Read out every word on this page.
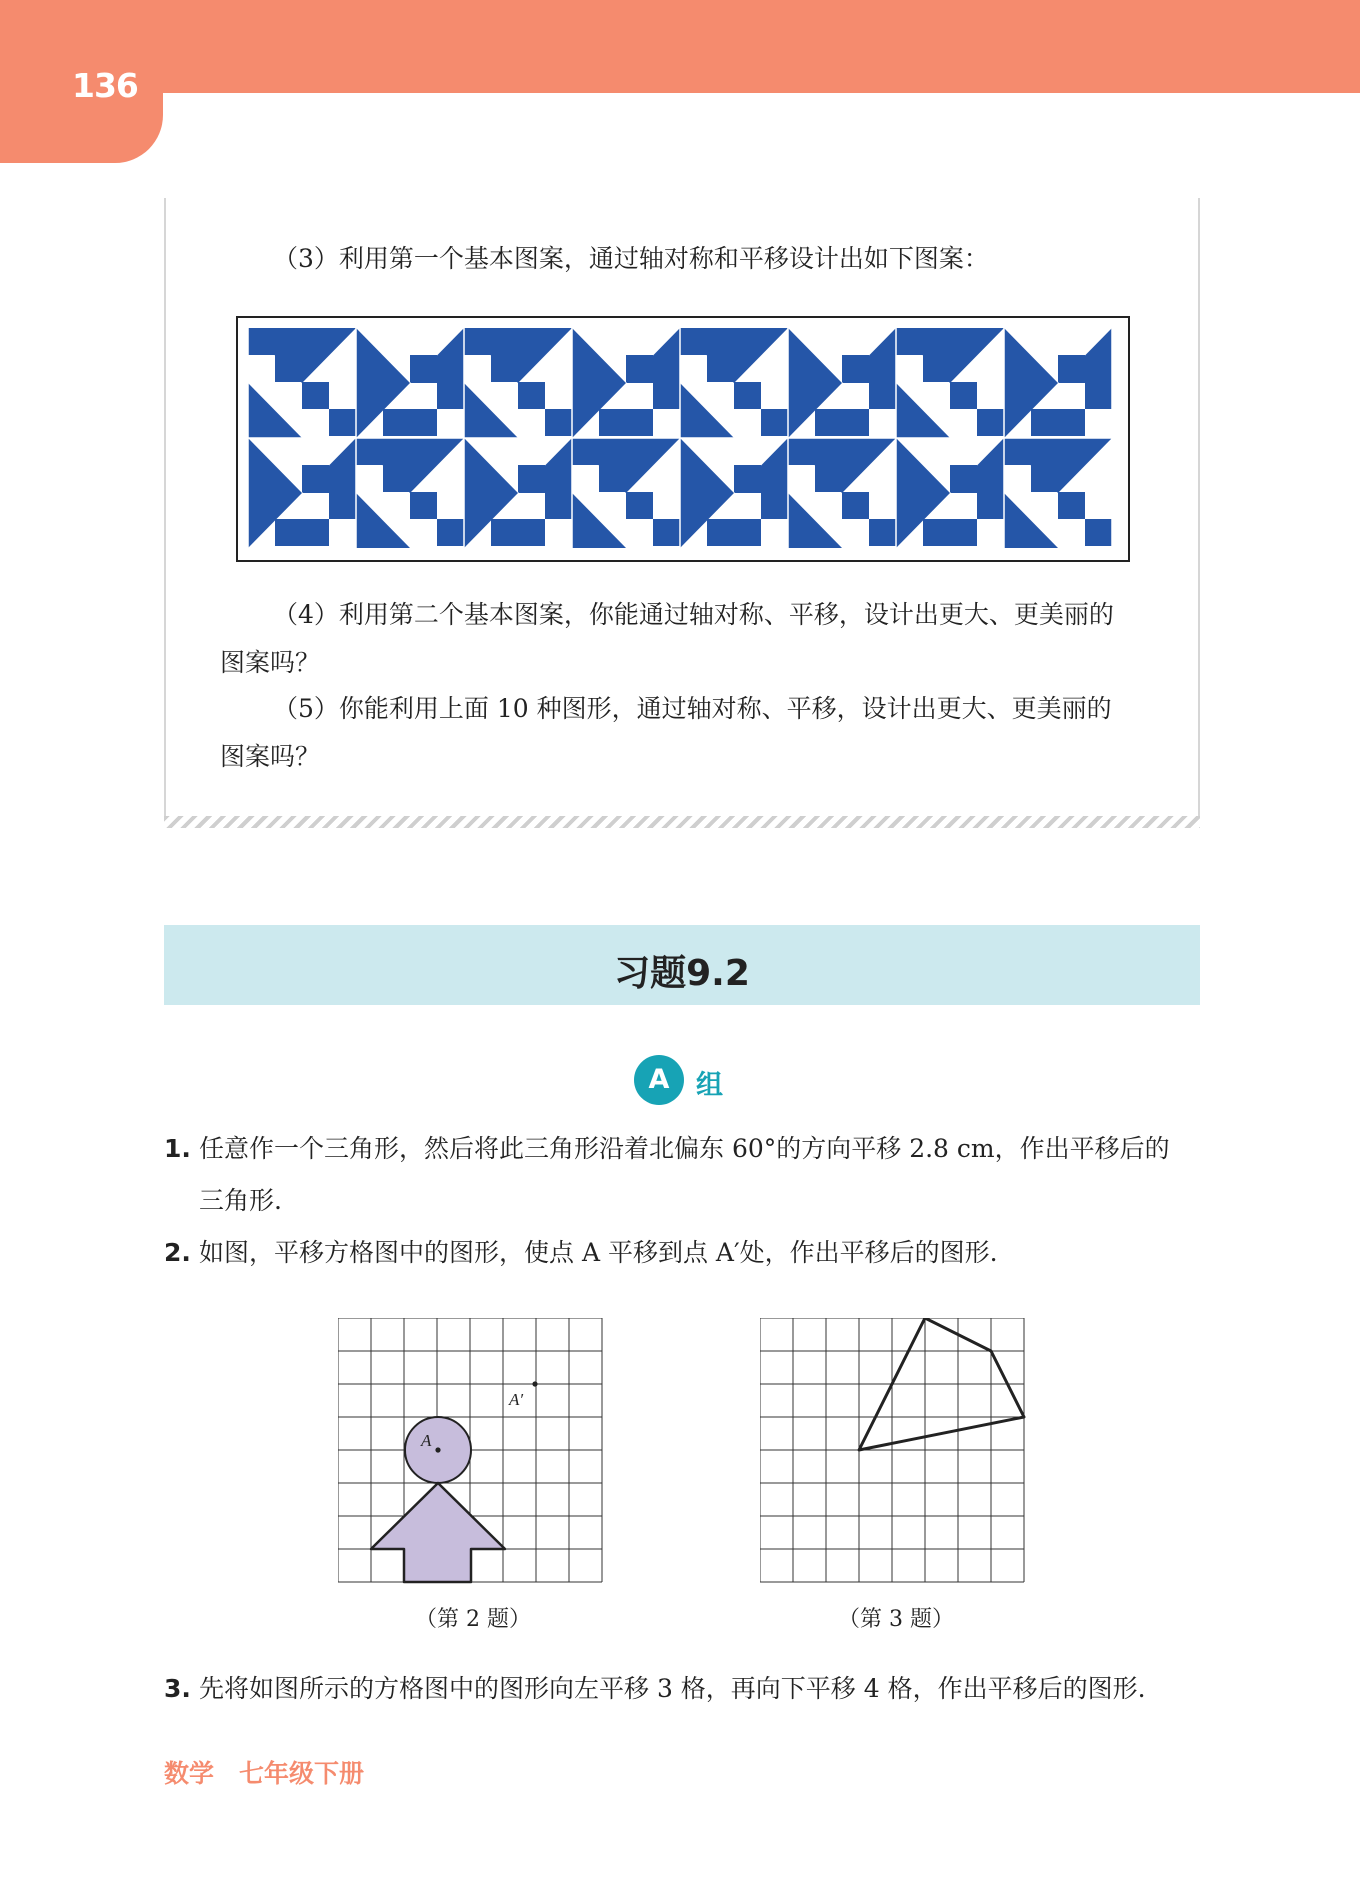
136
（3）利用第一个基本图案，通过轴对称和平移设计出如下图案：
（4）利用第二个基本图案，你能通过轴对称、平移，设计出更大、更美丽的
图案吗？
（5）你能利用上面 10 种图形，通过轴对称、平移，设计出更大、更美丽的
图案吗？
习题9.2
A 组
1. 任意作一个三角形，然后将此三角形沿着北偏东 60°的方向平移 2.8 cm，作出平移后的
三角形.
2. 如图，平移方格图中的图形，使点 A 平移到点 A′处，作出平移后的图形.
A
A′
（第 2 题）	（第 3 题）
3. 先将如图所示的方格图中的图形向左平移 3 格，再向下平移 4 格，作出平移后的图形.
数学　七年级下册
